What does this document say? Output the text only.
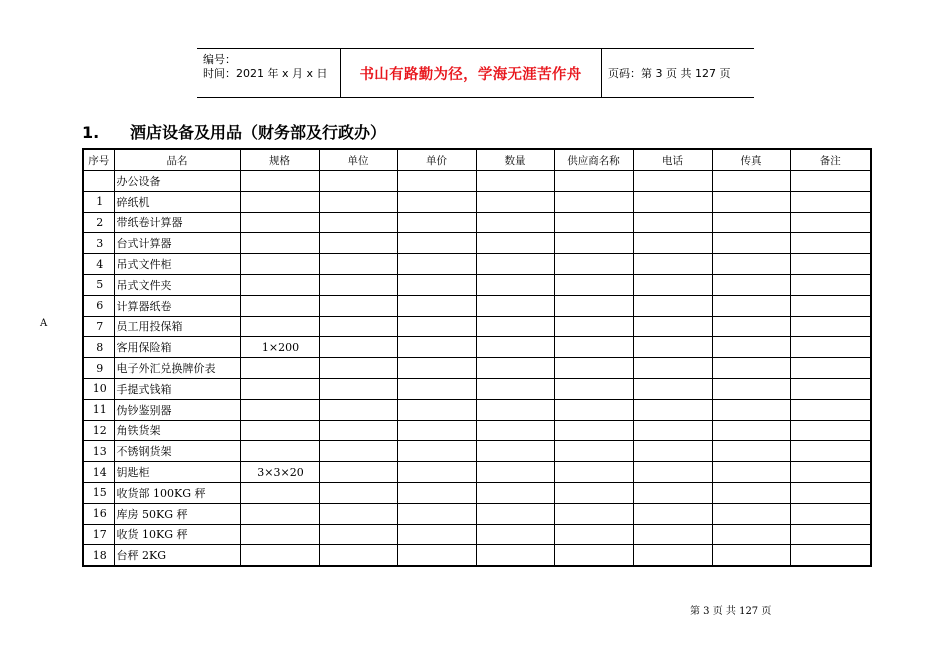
编号：
时间：2021 年 x 月 x 日 书山有路勤为径，学海无涯苦作舟 页码：第 3 页 共 127 页
1. 酒店设备及用品（财务部及行政办）
A
序号	品名	规格	单位	单价	数量	供应商名称	电话	传真	备注
	办公设备								
1	碎纸机								
2	带纸卷计算器								
3	台式计算器								
4	吊式文件柜								
5	吊式文件夹								
6	计算器纸卷								
7	员工用投保箱								
8	客用保险箱	1×200							
9	电子外汇兑换牌价表								
10	手提式钱箱								
11	伪钞鉴别器								
12	角铁货架								
13	不锈钢货架								
14	钥匙柜	3×3×20							
15	收货部 100KG 秤								
16	库房 50KG 秤								
17	收货 10KG 秤								
18	台秤 2KG								
第 3 页 共 127 页
